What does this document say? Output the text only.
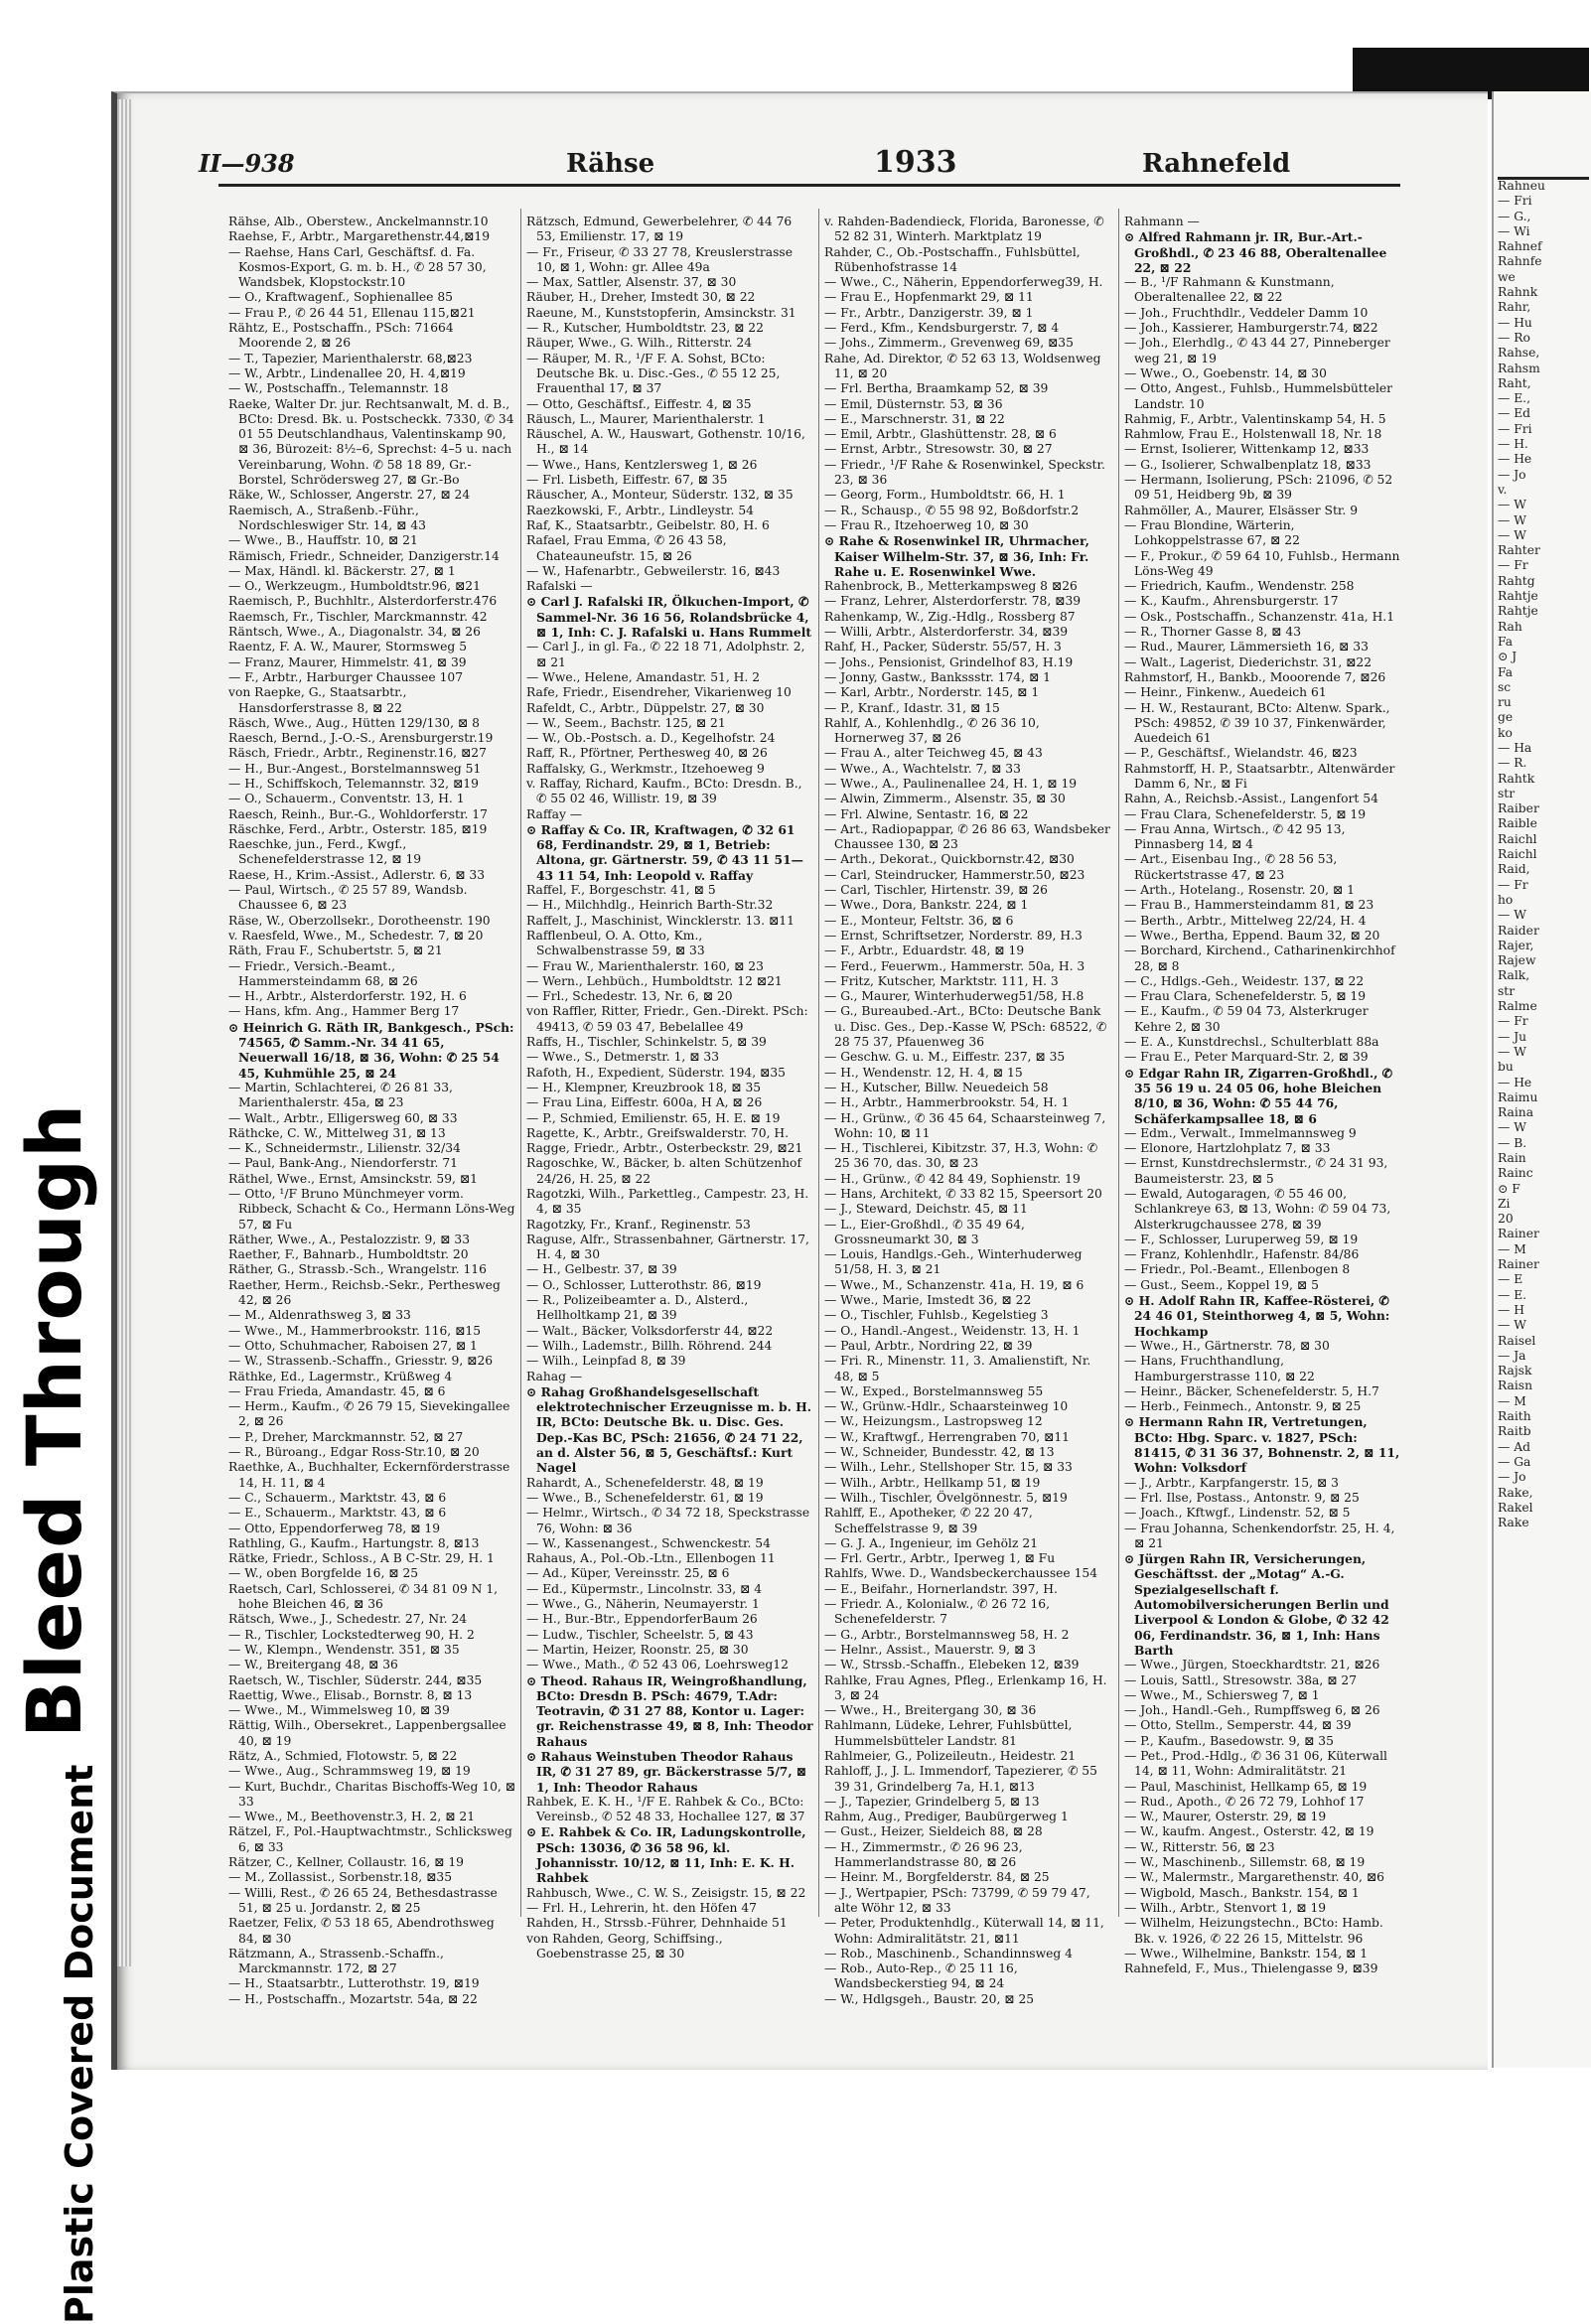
Bleed Through
Plastic Covered Document
II—938	Rähse	1933	Rahnefeld

Rähse, Alb., Oberstew., Anckelmannstr.10

Raehse, F., Arbtr., Margarethenstr.44,⊠19

— Raehse, Hans Carl, Geschäftsf. d. Fa. Kosmos-Export, G. m. b. H., ✆ 28 57 30, Wandsbek, Klopstockstr.10

— O., Kraftwagenf., Sophienallee 85

— Frau P., ✆ 26 44 51, Ellenau 115,⊠21

Rähtz, E., Postschaffn., PSch: 71664 Moorende 2, ⊠ 26

— T., Tapezier, Marienthalerstr. 68,⊠23

— W., Arbtr., Lindenallee 20, H. 4,⊠19

— W., Postschaffn., Telemannstr. 18

Raeke, Walter Dr. jur. Rechtsanwalt, M. d. B., BCto: Dresd. Bk. u. Postscheckk. 7330, ✆ 34 01 55 Deutschlandhaus, Valentinskamp 90, ⊠ 36, Bürozeit: 8½–6, Sprechst: 4–5 u. nach Vereinbarung, Wohn. ✆ 58 18 89, Gr.-Borstel, Schrödersweg 27, ⊠ Gr.-Bo

Räke, W., Schlosser, Angerstr. 27, ⊠ 24

Raemisch, A., Straßenb.-Führ., Nordschleswiger Str. 14, ⊠ 43

— Wwe., B., Hauffstr. 10, ⊠ 21

Rämisch, Friedr., Schneider, Danzigerstr.14

— Max, Händl. kl. Bäckerstr. 27, ⊠ 1

— O., Werkzeugm., Humboldtstr.96, ⊠21

Raemisch, P., Buchhltr., Alsterdorferstr.476

Raemsch, Fr., Tischler, Marckmannstr. 42

Räntsch, Wwe., A., Diagonalstr. 34, ⊠ 26

Raentz, F. A. W., Maurer, Stormsweg 5

— Franz, Maurer, Himmelstr. 41, ⊠ 39

— F., Arbtr., Harburger Chaussee 107

von Raepke, G., Staatsarbtr., Hansdorferstrasse 8, ⊠ 22

Räsch, Wwe., Aug., Hütten 129/130, ⊠ 8

Raesch, Bernd., J.-O.-S., Arensburgerstr.19

Räsch, Friedr., Arbtr., Reginenstr.16, ⊠27

— H., Bur.-Angest., Borstelmannsweg 51

— H., Schiffskoch, Telemannstr. 32, ⊠19

— O., Schauerm., Conventstr. 13, H. 1

Raesch, Reinh., Bur.-G., Wohldorferstr. 17

Räschke, Ferd., Arbtr., Osterstr. 185, ⊠19

Raeschke, jun., Ferd., Kwgf., Schenefelderstrasse 12, ⊠ 19

Raese, H., Krim.-Assist., Adlerstr. 6, ⊠ 33

— Paul, Wirtsch., ✆ 25 57 89, Wandsb. Chaussee 6, ⊠ 23

Räse, W., Oberzollsekr., Dorotheenstr. 190

v. Raesfeld, Wwe., M., Schedestr. 7, ⊠ 20

Räth, Frau F., Schubertstr. 5, ⊠ 21

— Friedr., Versich.-Beamt., Hammersteindamm 68, ⊠ 26

— H., Arbtr., Alsterdorferstr. 192, H. 6

— Hans, kfm. Ang., Hammer Berg 17

⊙ Heinrich G. Räth IR, Bankgesch., PSch: 74565, ✆ Samm.-Nr. 34 41 65, Neuerwall 16/18, ⊠ 36, Wohn: ✆ 25 54 45, Kuhmühle 25, ⊠ 24

— Martin, Schlachterei, ✆ 26 81 33, Marienthalerstr. 45a, ⊠ 23

— Walt., Arbtr., Elligersweg 60, ⊠ 33

Räthcke, C. W., Mittelweg 31, ⊠ 13

— K., Schneidermstr., Lilienstr. 32/34

— Paul, Bank-Ang., Niendorferstr. 71

Räthel, Wwe., Ernst, Amsinckstr. 59, ⊠1

— Otto, ¹/F Bruno Münchmeyer vorm. Ribbeck, Schacht & Co., Hermann Löns-Weg 57, ⊠ Fu

Räther, Wwe., A., Pestalozzistr. 9, ⊠ 33

Raether, F., Bahnarb., Humboldtstr. 20

Räther, G., Strassb.-Sch., Wrangelstr. 116

Raether, Herm., Reichsb.-Sekr., Perthesweg 42, ⊠ 26

— M., Aldenrathsweg 3, ⊠ 33

— Wwe., M., Hammerbrookstr. 116, ⊠15

— Otto, Schuhmacher, Raboisen 27, ⊠ 1

— W., Strassenb.-Schaffn., Griesstr. 9, ⊠26

Räthke, Ed., Lagermstr., Krüßweg 4

— Frau Frieda, Amandastr. 45, ⊠ 6

— Herm., Kaufm., ✆ 26 79 15, Sievekingallee 2, ⊠ 26

— P., Dreher, Marckmannstr. 52, ⊠ 27

— R., Büroang., Edgar Ross-Str.10, ⊠ 20

Raethke, A., Buchhalter, Eckernförderstrasse 14, H. 11, ⊠ 4

— C., Schauerm., Marktstr. 43, ⊠ 6

— E., Schauerm., Marktstr. 43, ⊠ 6

— Otto, Eppendorferweg 78, ⊠ 19

Rathling, G., Kaufm., Hartungstr. 8, ⊠13

Rätke, Friedr., Schloss., A B C-Str. 29, H. 1

— W., oben Borgfelde 16, ⊠ 25

Raetsch, Carl, Schlosserei, ✆ 34 81 09 N 1, hohe Bleichen 46, ⊠ 36

Rätsch, Wwe., J., Schedestr. 27, Nr. 24

— R., Tischler, Lockstedterweg 90, H. 2

— W., Klempn., Wendenstr. 351, ⊠ 35

— W., Breitergang 48, ⊠ 36

Raetsch, W., Tischler, Süderstr. 244, ⊠35

Raettig, Wwe., Elisab., Bornstr. 8, ⊠ 13

— Wwe., M., Wimmelsweg 10, ⊠ 39

Rättig, Wilh., Obersekret., Lappenbergsallee 40, ⊠ 19

Rätz, A., Schmied, Flotowstr. 5, ⊠ 22

— Wwe., Aug., Schrammsweg 19, ⊠ 19

— Kurt, Buchdr., Charitas Bischoffs-Weg 10, ⊠ 33

— Wwe., M., Beethovenstr.3, H. 2, ⊠ 21

Rätzel, F., Pol.-Hauptwachtmstr., Schlicksweg 6, ⊠ 33

Rätzer, C., Kellner, Collaustr. 16, ⊠ 19

— M., Zollassist., Sorbenstr.18, ⊠35

— Willi, Rest., ✆ 26 65 24, Bethesdastrasse 51, ⊠ 25 u. Jordanstr. 2, ⊠ 25

Raetzer, Felix, ✆ 53 18 65, Abendrothsweg 84, ⊠ 30

Rätzmann, A., Strassenb.-Schaffn., Marckmannstr. 172, ⊠ 27

— H., Staatsarbtr., Lutterothstr. 19, ⊠19

— H., Postschaffn., Mozartstr. 54a, ⊠ 22

Rätzsch, Edmund, Gewerbelehrer, ✆ 44 76 53, Emilienstr. 17, ⊠ 19

— Fr., Friseur, ✆ 33 27 78, Kreuslerstrasse 10, ⊠ 1, Wohn: gr. Allee 49a

— Max, Sattler, Alsenstr. 37, ⊠ 30

Räuber, H., Dreher, Imstedt 30, ⊠ 22

Raeune, M., Kunststopferin, Amsinckstr. 31

— R., Kutscher, Humboldtstr. 23, ⊠ 22

Räuper, Wwe., G. Wilh., Ritterstr. 24

— Räuper, M. R., ¹/F F. A. Sohst, BCto: Deutsche Bk. u. Disc.-Ges., ✆ 55 12 25, Frauenthal 17, ⊠ 37

— Otto, Geschäftsf., Eiffestr. 4, ⊠ 35

Räusch, L., Maurer, Marienthalerstr. 1

Räuschel, A. W., Hauswart, Gothenstr. 10/16, H., ⊠ 14

— Wwe., Hans, Kentzlersweg 1, ⊠ 26

— Frl. Lisbeth, Eiffestr. 67, ⊠ 35

Räuscher, A., Monteur, Süderstr. 132, ⊠ 35

Raezkowski, F., Arbtr., Lindleystr. 54

Raf, K., Staatsarbtr., Geibelstr. 80, H. 6

Rafael, Frau Emma, ✆ 26 43 58, Chateauneufstr. 15, ⊠ 26

— W., Hafenarbtr., Gebweilerstr. 16, ⊠43

Rafalski —

⊙ Carl J. Rafalski IR, Ölkuchen-Import, ✆ Sammel-Nr. 36 16 56, Rolandsbrücke 4, ⊠ 1, Inh: C. J. Rafalski u. Hans Rummelt

— Carl J., in gl. Fa., ✆ 22 18 71, Adolphstr. 2, ⊠ 21

— Wwe., Helene, Amandastr. 51, H. 2

Rafe, Friedr., Eisendreher, Vikarienweg 10

Rafeldt, C., Arbtr., Düppelstr. 27, ⊠ 30

— W., Seem., Bachstr. 125, ⊠ 21

— W., Ob.-Postsch. a. D., Kegelhofstr. 24

Raff, R., Pförtner, Perthesweg 40, ⊠ 26

Raffalsky, G., Werkmstr., Itzehoeweg 9

v. Raffay, Richard, Kaufm., BCto: Dresdn. B., ✆ 55 02 46, Willistr. 19, ⊠ 39

Raffay —

⊙ Raffay & Co. IR, Kraftwagen, ✆ 32 61 68, Ferdinandstr. 29, ⊠ 1, Betrieb: Altona, gr. Gärtnerstr. 59, ✆ 43 11 51—43 11 54, Inh: Leopold v. Raffay

Raffel, F., Borgeschstr. 41, ⊠ 5

— H., Milchhdlg., Heinrich Barth-Str.32

Raffelt, J., Maschinist, Wincklerstr. 13. ⊠11

Rafflenbeul, O. A. Otto, Km., Schwalbenstrasse 59, ⊠ 33

— Frau W., Marienthalerstr. 160, ⊠ 23

— Wern., Lehbüch., Humboldtstr. 12 ⊠21

— Frl., Schedestr. 13, Nr. 6, ⊠ 20

von Raffler, Ritter, Friedr., Gen.-Direkt. PSch: 49413, ✆ 59 03 47, Bebelallee 49

Raffs, H., Tischler, Schinkelstr. 5, ⊠ 39

— Wwe., S., Detmerstr. 1, ⊠ 33

Rafoth, H., Expedient, Süderstr. 194, ⊠35

— H., Klempner, Kreuzbrook 18, ⊠ 35

— Frau Lina, Eiffestr. 600a, H A, ⊠ 26

— P., Schmied, Emilienstr. 65, H. E. ⊠ 19

Ragette, K., Arbtr., Greifswalderstr. 70, H.

Ragge, Friedr., Arbtr., Osterbeckstr. 29, ⊠21

Ragoschke, W., Bäcker, b. alten Schützenhof 24/26, H. 25, ⊠ 22

Ragotzki, Wilh., Parkettleg., Campestr. 23, H. 4, ⊠ 35

Ragotzky, Fr., Kranf., Reginenstr. 53

Raguse, Alfr., Strassenbahner, Gärtnerstr. 17, H. 4, ⊠ 30

— H., Gelbestr. 37, ⊠ 39

— O., Schlosser, Lutterothstr. 86, ⊠19

— R., Polizeibeamter a. D., Alsterd., Hellholtkamp 21, ⊠ 39

— Walt., Bäcker, Volksdorferstr 44, ⊠22

— Wilh., Lademstr., Billh. Röhrend. 244

— Wilh., Leinpfad 8, ⊠ 39

Rahag —

⊙ Rahag Großhandelsgesellschaft elektrotechnischer Erzeugnisse m. b. H. IR, BCto: Deutsche Bk. u. Disc. Ges. Dep.-Kas BC, PSch: 21656, ✆ 24 71 22, an d. Alster 56, ⊠ 5, Geschäftsf.: Kurt Nagel

Rahardt, A., Schenefelderstr. 48, ⊠ 19

— Wwe., B., Schenefelderstr. 61, ⊠ 19

— Helmr., Wirtsch., ✆ 34 72 18, Speckstrasse 76, Wohn: ⊠ 36

— W., Kassenangest., Schwenckestr. 54

Rahaus, A., Pol.-Ob.-Ltn., Ellenbogen 11

— Ad., Küper, Vereinsstr. 25, ⊠ 6

— Ed., Küpermstr., Lincolnstr. 33, ⊠ 4

— Wwe., G., Näherin, Neumayerstr. 1

— H., Bur.-Btr., EppendorferBaum 26

— Ludw., Tischler, Scheelstr. 5, ⊠ 43

— Martin, Heizer, Roonstr. 25, ⊠ 30

— Wwe., Math., ✆ 52 43 06, Loehrsweg12

⊙ Theod. Rahaus IR, Weingroßhandlung, BCto: Dresdn B. PSch: 4679, T.Adr: Teotravin, ✆ 31 27 88, Kontor u. Lager: gr. Reichenstrasse 49, ⊠ 8, Inh: Theodor Rahaus

⊙ Rahaus Weinstuben Theodor Rahaus IR, ✆ 31 27 89, gr. Bäckerstrasse 5/7, ⊠ 1, Inh: Theodor Rahaus

Rahbek, E. K. H., ¹/F E. Rahbek & Co., BCto: Vereinsb., ✆ 52 48 33, Hochallee 127, ⊠ 37

⊙ E. Rahbek & Co. IR, Ladungskontrolle, PSch: 13036, ✆ 36 58 96, kl. Johannisstr. 10/12, ⊠ 11, Inh: E. K. H. Rahbek

Rahbusch, Wwe., C. W. S., Zeisigstr. 15, ⊠ 22

— Frl. H., Lehrerin, ht. den Höfen 47

Rahden, H., Strssb.-Führer, Dehnhaide 51

von Rahden, Georg, Schiffsing., Goebenstrasse 25, ⊠ 30

v. Rahden-Badendieck, Florida, Baronesse, ✆ 52 82 31, Winterh. Marktplatz 19

Rahder, C., Ob.-Postschaffn., Fuhlsbüttel, Rübenhofstrasse 14

— Wwe., C., Näherin, Eppendorferweg39, H.

— Frau E., Hopfenmarkt 29, ⊠ 11

— Fr., Arbtr., Danzigerstr. 39, ⊠ 1

— Ferd., Kfm., Kendsburgerstr. 7, ⊠ 4

— Johs., Zimmerm., Grevenweg 69, ⊠35

Rahe, Ad. Direktor, ✆ 52 63 13, Woldsenweg 11, ⊠ 20

— Frl. Bertha, Braamkamp 52, ⊠ 39

— Emil, Düsternstr. 53, ⊠ 36

— E., Marschnerstr. 31, ⊠ 22

— Emil, Arbtr., Glashüttenstr. 28, ⊠ 6

— Ernst, Arbtr., Stresowstr. 30, ⊠ 27

— Friedr., ¹/F Rahe & Rosenwinkel, Speckstr. 23, ⊠ 36

— Georg, Form., Humboldtstr. 66, H. 1

— R., Schausp., ✆ 55 98 92, Boßdorfstr.2

— Frau R., Itzehoerweg 10, ⊠ 30

⊙ Rahe & Rosenwinkel IR, Uhrmacher, Kaiser Wilhelm-Str. 37, ⊠ 36, Inh: Fr. Rahe u. E. Rosenwinkel Wwe.

Rahenbrock, B., Metterkampsweg 8 ⊠26

— Franz, Lehrer, Alsterdorferstr. 78, ⊠39

Rahenkamp, W., Zig.-Hdlg., Rossberg 87

— Willi, Arbtr., Alsterdorferstr. 34, ⊠39

Rahf, H., Packer, Süderstr. 55/57, H. 3

— Johs., Pensionist, Grindelhof 83, H.19

— Jonny, Gastw., Bankssstr. 174, ⊠ 1

— Karl, Arbtr., Norderstr. 145, ⊠ 1

— P., Kranf., Idastr. 31, ⊠ 15

Rahlf, A., Kohlenhdlg., ✆ 26 36 10, Hornerweg 37, ⊠ 26

— Frau A., alter Teichweg 45, ⊠ 43

— Wwe., A., Wachtelstr. 7, ⊠ 33

— Wwe., A., Paulinenallee 24, H. 1, ⊠ 19

— Alwin, Zimmerm., Alsenstr. 35, ⊠ 30

— Frl. Alwine, Sentastr. 16, ⊠ 22

— Art., Radiopappar, ✆ 26 86 63, Wandsbeker Chaussee 130, ⊠ 23

— Arth., Dekorat., Quickbornstr.42, ⊠30

— Carl, Steindrucker, Hammerstr.50, ⊠23

— Carl, Tischler, Hirtenstr. 39, ⊠ 26

— Wwe., Dora, Bankstr. 224, ⊠ 1

— E., Monteur, Feltstr. 36, ⊠ 6

— Ernst, Schriftsetzer, Norderstr. 89, H.3

— F., Arbtr., Eduardstr. 48, ⊠ 19

— Ferd., Feuerwm., Hammerstr. 50a, H. 3

— Fritz, Kutscher, Marktstr. 111, H. 3

— G., Maurer, Winterhuderweg51/58, H.8

— G., Bureaubed.-Art., BCto: Deutsche Bank u. Disc. Ges., Dep.-Kasse W, PSch: 68522, ✆ 28 75 37, Pfauenweg 36

— Geschw. G. u. M., Eiffestr. 237, ⊠ 35

— H., Wendenstr. 12, H. 4, ⊠ 15

— H., Kutscher, Billw. Neuedeich 58

— H., Arbtr., Hammerbrookstr. 54, H. 1

— H., Grünw., ✆ 36 45 64, Schaarsteinweg 7, Wohn: 10, ⊠ 11

— H., Tischlerei, Kibitzstr. 37, H.3, Wohn: ✆ 25 36 70, das. 30, ⊠ 23

— H., Grünw., ✆ 42 84 49, Sophienstr. 19

— Hans, Architekt, ✆ 33 82 15, Speersort 20

— J., Steward, Deichstr. 45, ⊠ 11

— L., Eier-Großhdl., ✆ 35 49 64, Grossneumarkt 30, ⊠ 3

— Louis, Handlgs.-Geh., Winterhuderweg 51/58, H. 3, ⊠ 21

— Wwe., M., Schanzenstr. 41a, H. 19, ⊠ 6

— Wwe., Marie, Imstedt 36, ⊠ 22

— O., Tischler, Fuhlsb., Kegelstieg 3

— O., Handl.-Angest., Weidenstr. 13, H. 1

— Paul, Arbtr., Nordring 22, ⊠ 39

— Fri. R., Minenstr. 11, 3. Amalienstift, Nr. 48, ⊠ 5

— W., Exped., Borstelmannsweg 55

— W., Grünw.-Hdlr., Schaarsteinweg 10

— W., Heizungsm., Lastropsweg 12

— W., Kraftwgf., Herrengraben 70, ⊠11

— W., Schneider, Bundesstr. 42, ⊠ 13

— Wilh., Lehr., Stellshoper Str. 15, ⊠ 33

— Wilh., Arbtr., Hellkamp 51, ⊠ 19

— Wilh., Tischler, Övelgönnestr. 5, ⊠19

Rahlff, E., Apotheker, ✆ 22 20 47, Scheffelstrasse 9, ⊠ 39

— G. J. A., Ingenieur, im Gehölz 21

— Frl. Gertr., Arbtr., Iperweg 1, ⊠ Fu

Rahlfs, Wwe. D., Wandsbeckerchaussee 154

— E., Beifahr., Hornerlandstr. 397, H.

— Friedr. A., Kolonialw., ✆ 26 72 16, Schenefelderstr. 7

— G., Arbtr., Borstelmannsweg 58, H. 2

— Helnr., Assist., Mauerstr. 9, ⊠ 3

— W., Strssb.-Schaffn., Elebeken 12, ⊠39

Rahlke, Frau Agnes, Pfleg., Erlenkamp 16, H. 3, ⊠ 24

— Wwe., H., Breitergang 30, ⊠ 36

Rahlmann, Lüdeke, Lehrer, Fuhlsbüttel, Hummelsbütteler Landstr. 81

Rahlmeier, G., Polizeileutn., Heidestr. 21

Rahloff, J., J. L. Immendorf, Tapezierer, ✆ 55 39 31, Grindelberg 7a, H.1, ⊠13

— J., Tapezier, Grindelberg 5, ⊠ 13

Rahm, Aug., Prediger, Baubürgerweg 1

— Gust., Heizer, Sieldeich 88, ⊠ 28

— H., Zimmermstr., ✆ 26 96 23, Hammerlandstrasse 80, ⊠ 26

— Heinr. M., Borgfelderstr. 84, ⊠ 25

— J., Wertpapier, PSch: 73799, ✆ 59 79 47, alte Wöhr 12, ⊠ 33

— Peter, Produktenhdlg., Küterwall 14, ⊠ 11, Wohn: Admiralitätstr. 21, ⊠11

— Rob., Maschinenb., Schandinnsweg 4

— Rob., Auto-Rep., ✆ 25 11 16, Wandsbeckerstieg 94, ⊠ 24

— W., Hdlgsgeh., Baustr. 20, ⊠ 25

Rahmann —

⊙ Alfred Rahmann jr. IR, Bur.-Art.-Großhdl., ✆ 23 46 88, Oberaltenallee 22, ⊠ 22

— B., ¹/F Rahmann & Kunstmann, Oberaltenallee 22, ⊠ 22

— Joh., Fruchthdlr., Veddeler Damm 10

— Joh., Kassierer, Hamburgerstr.74, ⊠22

— Joh., Elerhdlg., ✆ 43 44 27, Pinneberger weg 21, ⊠ 19

— Wwe., O., Goebenstr. 14, ⊠ 30

— Otto, Angest., Fuhlsb., Hummelsbütteler Landstr. 10

Rahmig, F., Arbtr., Valentinskamp 54, H. 5

Rahmlow, Frau E., Holstenwall 18, Nr. 18

— Ernst, Isolierer, Wittenkamp 12, ⊠33

— G., Isolierer, Schwalbenplatz 18, ⊠33

— Hermann, Isolierung, PSch: 21096, ✆ 52 09 51, Heidberg 9b, ⊠ 39

Rahmöller, A., Maurer, Elsässer Str. 9

— Frau Blondine, Wärterin, Lohkoppelstrasse 67, ⊠ 22

— F., Prokur., ✆ 59 64 10, Fuhlsb., Hermann Löns-Weg 49

— Friedrich, Kaufm., Wendenstr. 258

— K., Kaufm., Ahrensburgerstr. 17

— Osk., Postschaffn., Schanzenstr. 41a, H.1

— R., Thorner Gasse 8, ⊠ 43

— Rud., Maurer, Lämmersieth 16, ⊠ 33

— Walt., Lagerist, Diederichstr. 31, ⊠22

Rahmstorf, H., Bankb., Mooorende 7, ⊠26

— Heinr., Finkenw., Auedeich 61

— H. W., Restaurant, BCto: Altenw. Spark., PSch: 49852, ✆ 39 10 37, Finkenwärder, Auedeich 61

— P., Geschäftsf., Wielandstr. 46, ⊠23

Rahmstorff, H. P., Staatsarbtr., Altenwärder Damm 6, Nr., ⊠ Fi

Rahn, A., Reichsb.-Assist., Langenfort 54

— Frau Clara, Schenefelderstr. 5, ⊠ 19

— Frau Anna, Wirtsch., ✆ 42 95 13, Pinnasberg 14, ⊠ 4

— Art., Eisenbau Ing., ✆ 28 56 53, Rückertstrasse 47, ⊠ 23

— Arth., Hotelang., Rosenstr. 20, ⊠ 1

— Frau B., Hammersteindamm 81, ⊠ 23

— Berth., Arbtr., Mittelweg 22/24, H. 4

— Wwe., Bertha, Eppend. Baum 32, ⊠ 20

— Borchard, Kirchend., Catharinenkirchhof 28, ⊠ 8

— C., Hdlgs.-Geh., Weidestr. 137, ⊠ 22

— Frau Clara, Schenefelderstr. 5, ⊠ 19

— E., Kaufm., ✆ 59 04 73, Alsterkruger Kehre 2, ⊠ 30

— E. A., Kunstdrechsl., Schulterblatt 88a

— Frau E., Peter Marquard-Str. 2, ⊠ 39

⊙ Edgar Rahn IR, Zigarren-Großhdl., ✆ 35 56 19 u. 24 05 06, hohe Bleichen 8/10, ⊠ 36, Wohn: ✆ 55 44 76, Schäferkampsallee 18, ⊠ 6

— Edm., Verwalt., Immelmannsweg 9

— Elonore, Hartzlohplatz 7, ⊠ 33

— Ernst, Kunstdrechslermstr., ✆ 24 31 93, Baumeisterstr. 23, ⊠ 5

— Ewald, Autogaragen, ✆ 55 46 00, Schlankreye 63, ⊠ 13, Wohn: ✆ 59 04 73, Alsterkrugchaussee 278, ⊠ 39

— F., Schlosser, Luruperweg 59, ⊠ 19

— Franz, Kohlenhdlr., Hafenstr. 84/86

— Friedr., Pol.-Beamt., Ellenbogen 8

— Gust., Seem., Koppel 19, ⊠ 5

⊙ H. Adolf Rahn IR, Kaffee-Rösterei, ✆ 24 46 01, Steinthorweg 4, ⊠ 5, Wohn: Hochkamp

— Wwe., H., Gärtnerstr. 78, ⊠ 30

— Hans, Fruchthandlung, Hamburgerstrasse 110, ⊠ 22

— Heinr., Bäcker, Schenefelderstr. 5, H.7

— Herb., Feinmech., Antonstr. 9, ⊠ 25

⊙ Hermann Rahn IR, Vertretungen, BCto: Hbg. Sparc. v. 1827, PSch: 81415, ✆ 31 36 37, Bohnenstr. 2, ⊠ 11, Wohn: Volksdorf

— J., Arbtr., Karpfangerstr. 15, ⊠ 3

— Frl. Ilse, Postass., Antonstr. 9, ⊠ 25

— Joach., Kftwgf., Lindenstr. 52, ⊠ 5

— Frau Johanna, Schenkendorfstr. 25, H. 4, ⊠ 21

⊙ Jürgen Rahn IR, Versicherungen, Geschäftsst. der „Motag“ A.-G. Spezialgesellschaft f. Automobilversicherungen Berlin und Liverpool & London & Globe, ✆ 32 42 06, Ferdinandstr. 36, ⊠ 1, Inh: Hans Barth

— Wwe., Jürgen, Stoeckhardtstr. 21, ⊠26

— Louis, Sattl., Stresowstr. 38a, ⊠ 27

— Wwe., M., Schiersweg 7, ⊠ 1

— Joh., Handl.-Geh., Rumpffsweg 6, ⊠ 26

— Otto, Stellm., Semperstr. 44, ⊠ 39

— P., Kaufm., Basedowstr. 9, ⊠ 35

— Pet., Prod.-Hdlg., ✆ 36 31 06, Küterwall 14, ⊠ 11, Wohn: Admiralitätstr. 21

— Paul, Maschinist, Hellkamp 65, ⊠ 19

— Rud., Apoth., ✆ 26 72 79, Lohhof 17

— W., Maurer, Osterstr. 29, ⊠ 19

— W., kaufm. Angest., Osterstr. 42, ⊠ 19

— W., Ritterstr. 56, ⊠ 23

— W., Maschinenb., Sillemstr. 68, ⊠ 19

— W., Malermstr., Margarethenstr. 40, ⊠6

— Wigbold, Masch., Bankstr. 154, ⊠ 1

— Wilh., Arbtr., Stenvort 1, ⊠ 19

— Wilhelm, Heizungstechn., BCto: Hamb. Bk. v. 1926, ✆ 22 26 15, Mittelstr. 96

— Wwe., Wilhelmine, Bankstr. 154, ⊠ 1

Rahnefeld, F., Mus., Thielengasse 9, ⊠39

Rahneu
— Fri
— G.,
— Wi
Rahnef
Rahnfe
we
Rahnk
Rahr,
— Hu
— Ro
Rahse,
Rahsm
Raht,
— E.,
— Ed
— Fri
— H.
— He
— Jo
v.
— W
— W
— W
Rahter
— Fr
Rahtg
Rahtje
Rahtje
Rah
Fa
⊙ J
Fa
sc
ru
ge
ko
— Ha
— R.
Rahtk
str
Raiber
Raible
Raichl
Raichl
Raid,
— Fr
ho
— W
Raider
Rajer,
Rajew
Ralk,
str
Ralme
— Fr
— Ju
— W
bu
— He
Raimu
Raina
— W
— B.
Rain
Rainc
⊙ F
Zi
20
Rainer
— M
Rainer
— E
— E.
— H
— W
Raisel
— Ja
Rajsk
Raisn
— M
Raith
Raitb
— Ad
— Ga
— Jo
Rake,
Rakel
Rake
